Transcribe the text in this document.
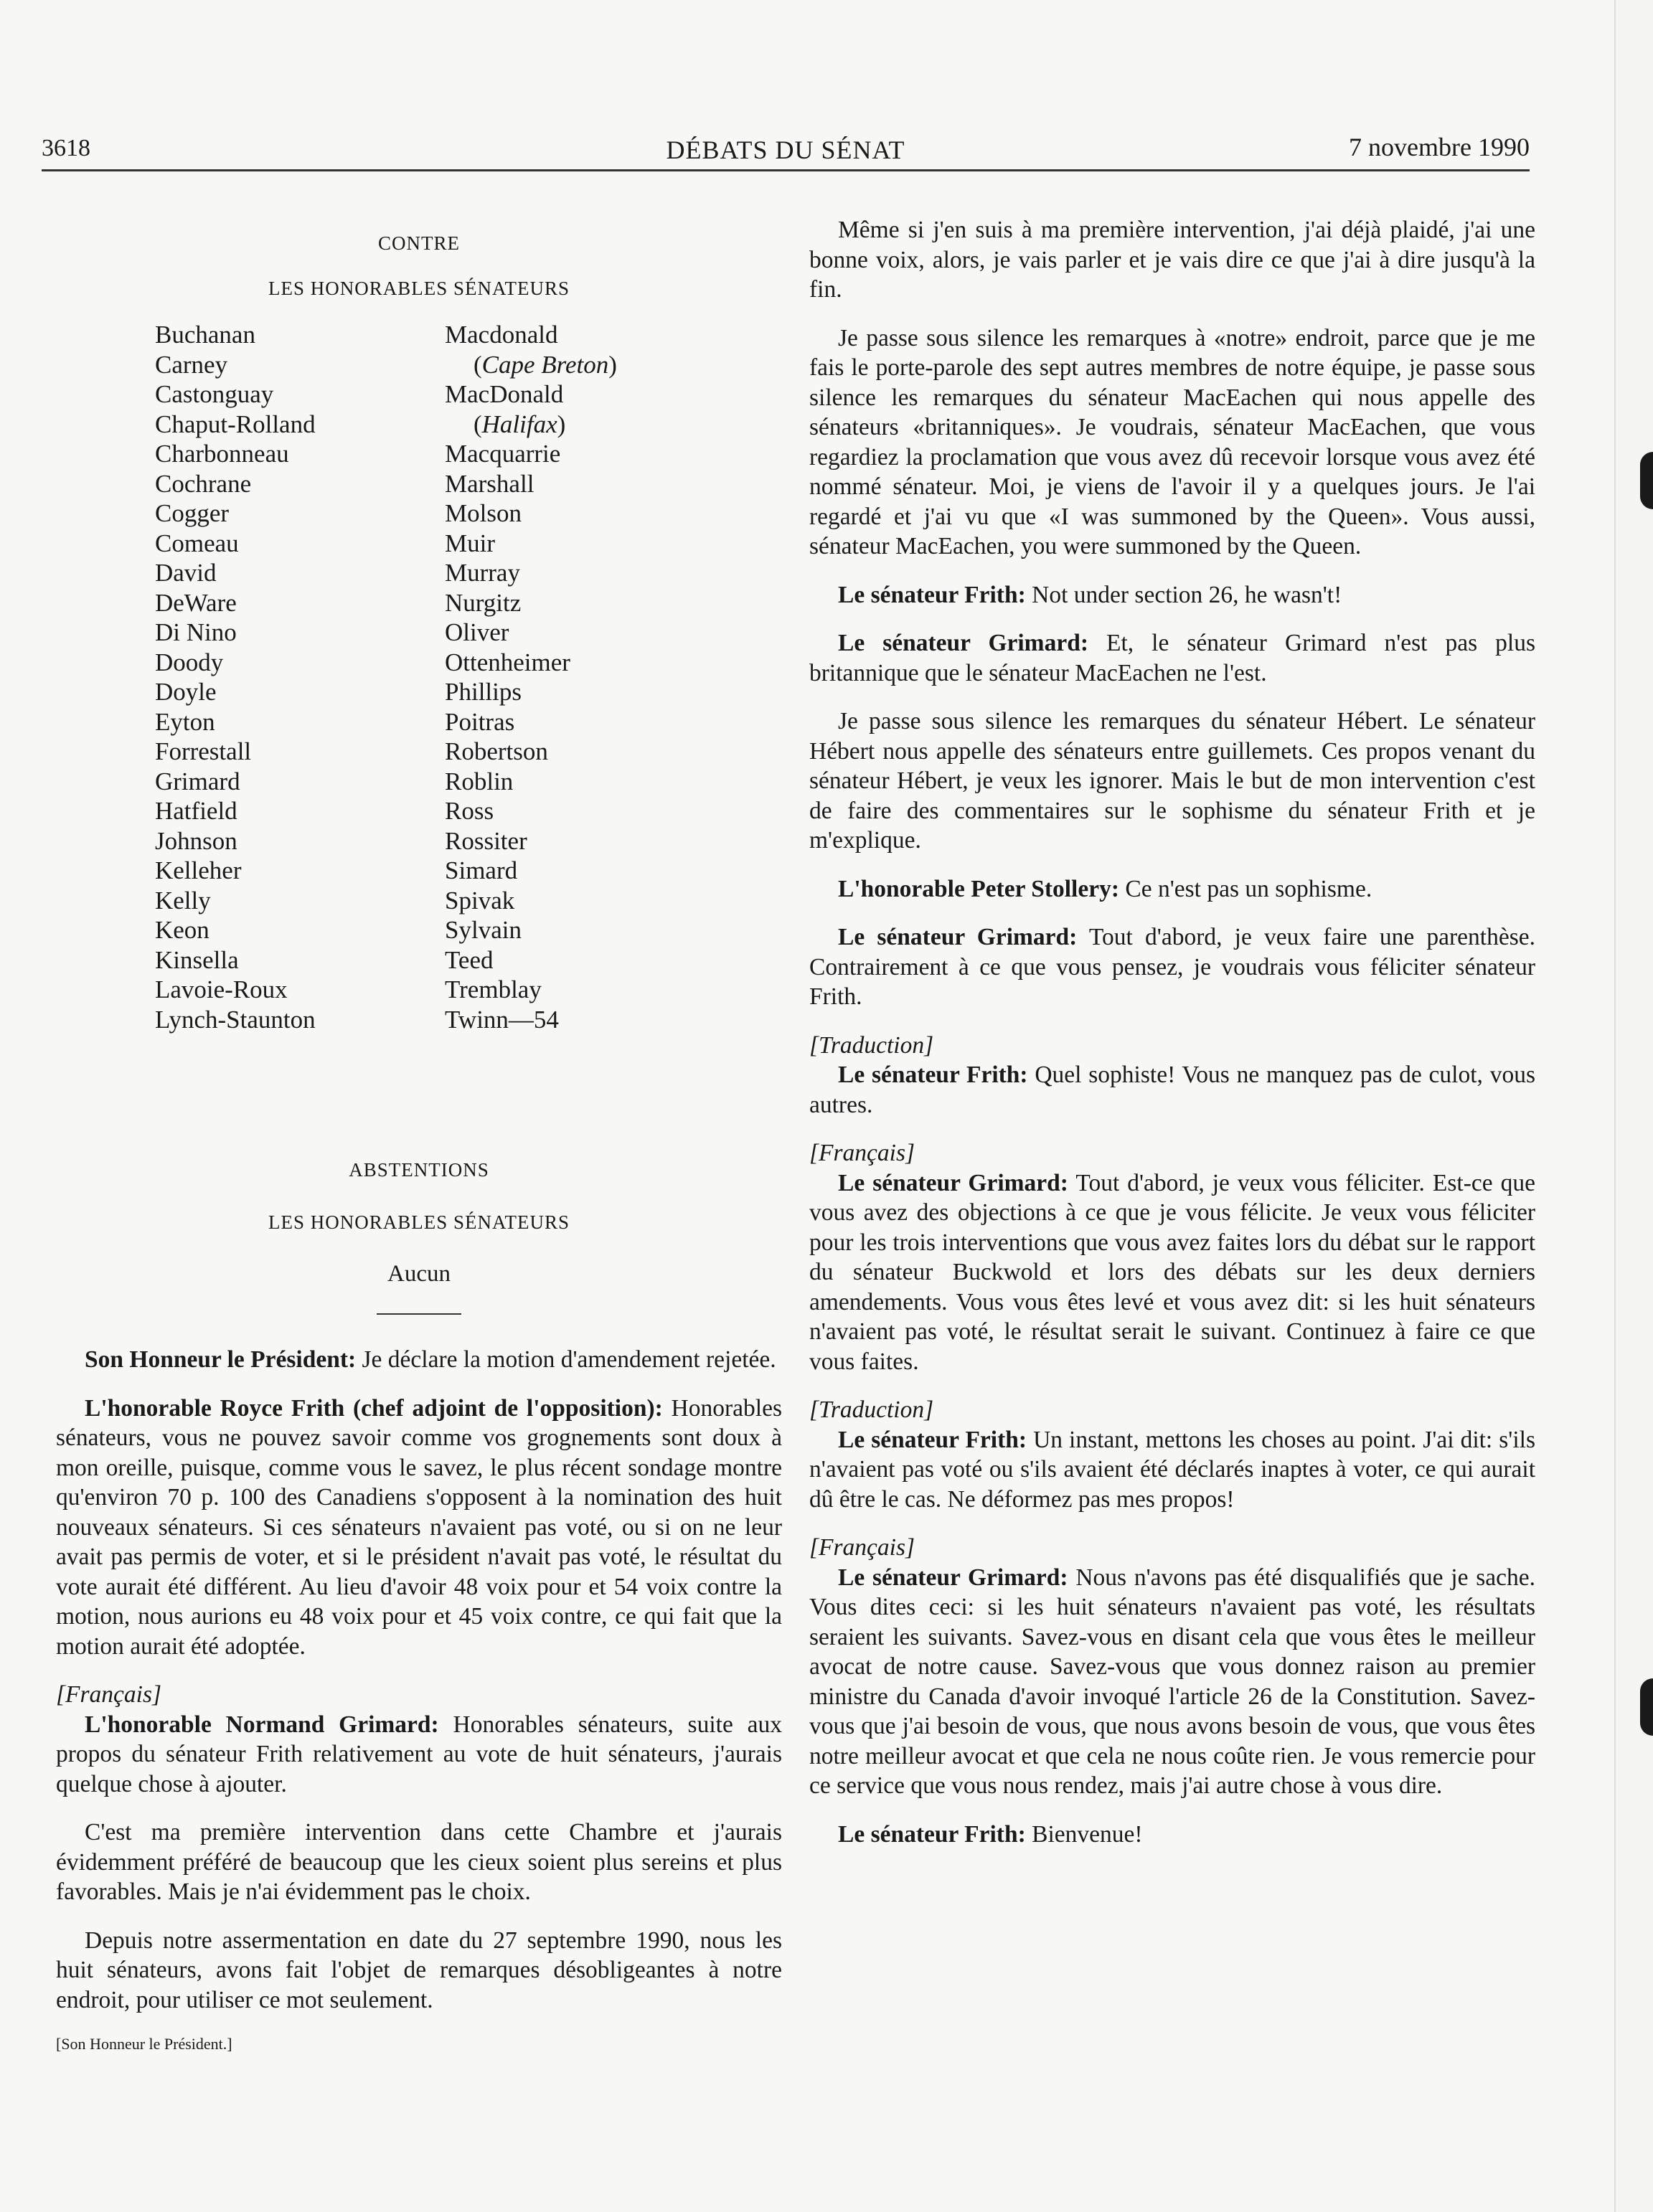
3618	DÉBATS DU SÉNAT	7 novembre 1990
CONTRE
LES HONORABLES SÉNATEURS
Buchanan
Carney
Castonguay
Chaput-Rolland
Charbonneau
Cochrane
Cogger
Comeau
David
DeWare
Di Nino
Doody
Doyle
Eyton
Forrestall
Grimard
Hatfield
Johnson
Kelleher
Kelly
Keon
Kinsella
Lavoie-Roux
Lynch-Staunton
Macdonald
(Cape Breton)
MacDonald
(Halifax)
Macquarrie
Marshall
Molson
Muir
Murray
Nurgitz
Oliver
Ottenheimer
Phillips
Poitras
Robertson
Roblin
Ross
Rossiter
Simard
Spivak
Sylvain
Teed
Tremblay
Twinn—54
ABSTENTIONS
LES HONORABLES SÉNATEURS
Aucun

Son Honneur le Président: Je déclare la motion d'amendement rejetée.

L'honorable Royce Frith (chef adjoint de l'opposition): Honorables sénateurs, vous ne pouvez savoir comme vos grognements sont doux à mon oreille, puisque, comme vous le savez, le plus récent sondage montre qu'environ 70 p. 100 des Canadiens s'opposent à la nomination des huit nouveaux sénateurs. Si ces sénateurs n'avaient pas voté, ou si on ne leur avait pas permis de voter, et si le président n'avait pas voté, le résultat du vote aurait été différent. Au lieu d'avoir 48 voix pour et 54 voix contre la motion, nous aurions eu 48 voix pour et 45 voix contre, ce qui fait que la motion aurait été adoptée.

[Français]

L'honorable Normand Grimard: Honorables sénateurs, suite aux propos du sénateur Frith relativement au vote de huit sénateurs, j'aurais quelque chose à ajouter.

C'est ma première intervention dans cette Chambre et j'aurais évidemment préféré de beaucoup que les cieux soient plus sereins et plus favorables. Mais je n'ai évidemment pas le choix.

Depuis notre assermentation en date du 27 septembre 1990, nous les huit sénateurs, avons fait l'objet de remarques désobligeantes à notre endroit, pour utiliser ce mot seulement.

[Son Honneur le Président.]

Même si j'en suis à ma première intervention, j'ai déjà plaidé, j'ai une bonne voix, alors, je vais parler et je vais dire ce que j'ai à dire jusqu'à la fin.

Je passe sous silence les remarques à «notre» endroit, parce que je me fais le porte-parole des sept autres membres de notre équipe, je passe sous silence les remarques du sénateur MacEachen qui nous appelle des sénateurs «britanniques». Je voudrais, sénateur MacEachen, que vous regardiez la proclamation que vous avez dû recevoir lorsque vous avez été nommé sénateur. Moi, je viens de l'avoir il y a quelques jours. Je l'ai regardé et j'ai vu que «I was summoned by the Queen». Vous aussi, sénateur MacEachen, you were summoned by the Queen.

Le sénateur Frith: Not under section 26, he wasn't!

Le sénateur Grimard: Et, le sénateur Grimard n'est pas plus britannique que le sénateur MacEachen ne l'est.

Je passe sous silence les remarques du sénateur Hébert. Le sénateur Hébert nous appelle des sénateurs entre guillemets. Ces propos venant du sénateur Hébert, je veux les ignorer. Mais le but de mon intervention c'est de faire des commentaires sur le sophisme du sénateur Frith et je m'explique.

L'honorable Peter Stollery: Ce n'est pas un sophisme.

Le sénateur Grimard: Tout d'abord, je veux faire une parenthèse. Contrairement à ce que vous pensez, je voudrais vous féliciter sénateur Frith.

[Traduction]

Le sénateur Frith: Quel sophiste! Vous ne manquez pas de culot, vous autres.

[Français]

Le sénateur Grimard: Tout d'abord, je veux vous féliciter. Est-ce que vous avez des objections à ce que je vous félicite. Je veux vous féliciter pour les trois interventions que vous avez faites lors du débat sur le rapport du sénateur Buckwold et lors des débats sur les deux derniers amendements. Vous vous êtes levé et vous avez dit: si les huit sénateurs n'avaient pas voté, le résultat serait le suivant. Continuez à faire ce que vous faites.

[Traduction]

Le sénateur Frith: Un instant, mettons les choses au point. J'ai dit: s'ils n'avaient pas voté ou s'ils avaient été déclarés inaptes à voter, ce qui aurait dû être le cas. Ne déformez pas mes propos!

[Français]

Le sénateur Grimard: Nous n'avons pas été disqualifiés que je sache. Vous dites ceci: si les huit sénateurs n'avaient pas voté, les résultats seraient les suivants. Savez-vous en disant cela que vous êtes le meilleur avocat de notre cause. Savez-vous que vous donnez raison au premier ministre du Canada d'avoir invoqué l'article 26 de la Constitution. Savez-vous que j'ai besoin de vous, que nous avons besoin de vous, que vous êtes notre meilleur avocat et que cela ne nous coûte rien. Je vous remercie pour ce service que vous nous rendez, mais j'ai autre chose à vous dire.

Le sénateur Frith: Bienvenue!
